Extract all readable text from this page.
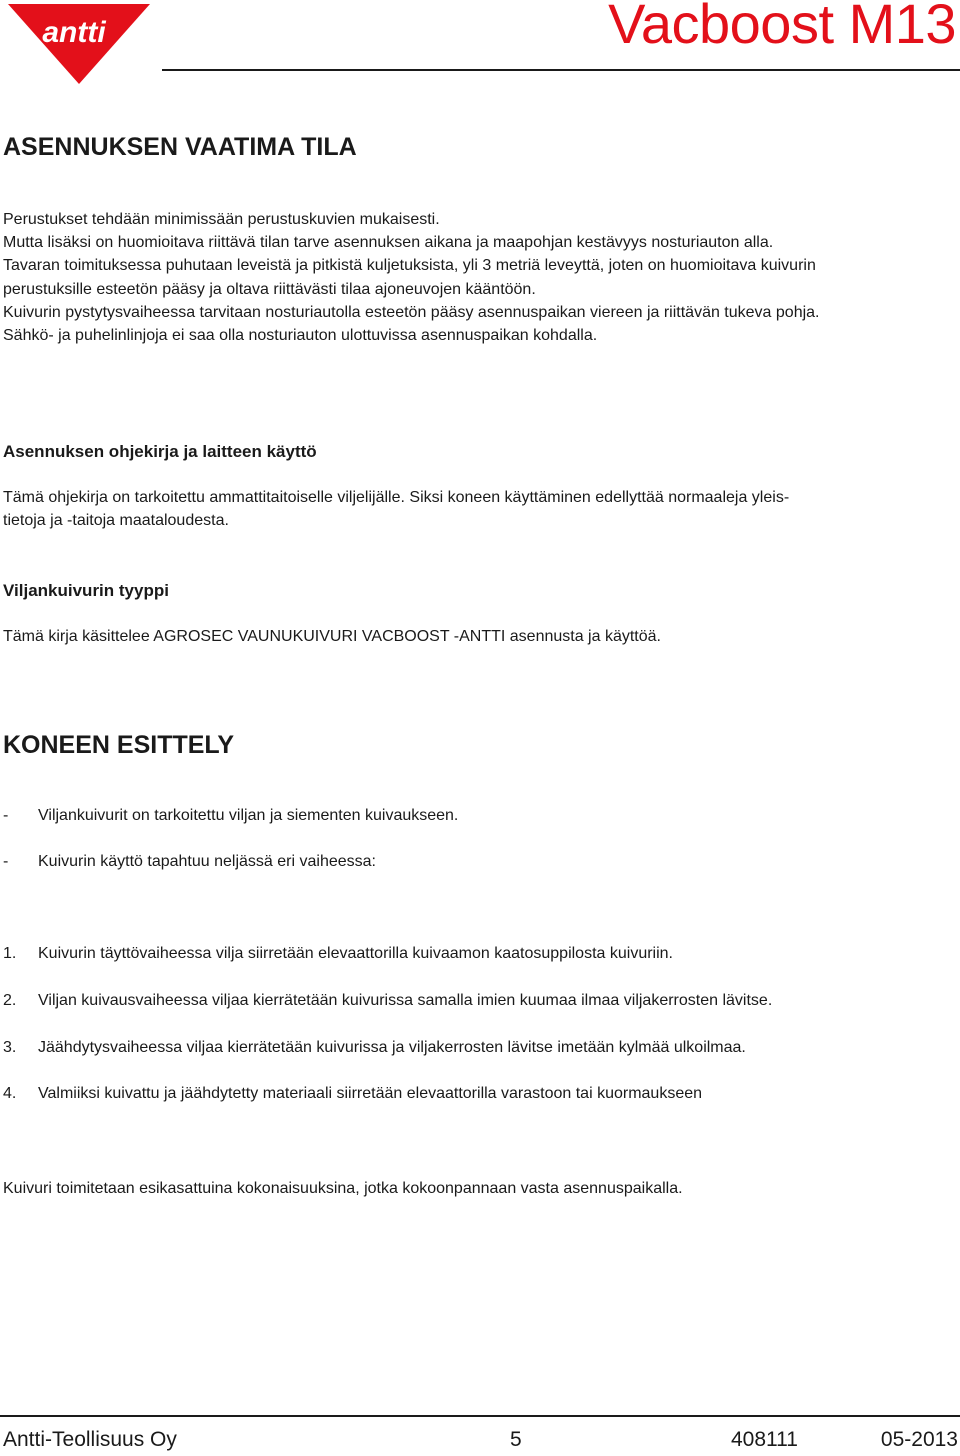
antti	Vacboost M13
ASENNUKSEN VAATIMA TILA
Perustukset tehdään minimissään perustuskuvien mukaisesti.
Mutta lisäksi on huomioitava riittävä tilan tarve asennuksen aikana ja maapohjan kestävyys nosturiauton alla.
Tavaran toimituksessa puhutaan leveistä ja pitkistä kuljetuksista, yli 3 metriä leveyttä, joten on huomioitava kuivurin
perustuksille esteetön pääsy ja oltava riittävästi tilaa ajoneuvojen kääntöön.
Kuivurin pystytysvaiheessa tarvitaan nosturiautolla esteetön pääsy asennuspaikan viereen ja riittävän tukeva pohja.
Sähkö- ja puhelinlinjoja ei saa olla nosturiauton ulottuvissa asennuspaikan kohdalla.
Asennuksen ohjekirja ja laitteen käyttö
Tämä ohjekirja on tarkoitettu ammattitaitoiselle viljelijälle. Siksi koneen käyttäminen edellyttää normaaleja yleis-
tietoja ja -taitoja maataloudesta.
Viljankuivurin tyyppi
Tämä kirja käsittelee AGROSEC VAUNUKUIVURI VACBOOST -ANTTI asennusta ja käyttöä.
KONEEN ESITTELY
- Viljankuivurit on tarkoitettu viljan ja siementen kuivaukseen.
- Kuivurin käyttö tapahtuu neljässä eri vaiheessa:
1. Kuivurin täyttövaiheessa vilja siirretään elevaattorilla kuivaamon kaatosuppilosta kuivuriin.
2. Viljan kuivausvaiheessa viljaa kierrätetään kuivurissa samalla imien kuumaa ilmaa viljakerrosten lävitse.
3. Jäähdytysvaiheessa viljaa kierrätetään kuivurissa ja viljakerrosten lävitse imetään kylmää ulkoilmaa.
4. Valmiiksi kuivattu ja jäähdytetty materiaali siirretään elevaattorilla varastoon tai kuormaukseen
Kuivuri toimitetaan esikasattuina kokonaisuuksina, jotka kokoonpannaan vasta asennuspaikalla.
Antti-Teollisuus Oy	5	408111	05-2013
